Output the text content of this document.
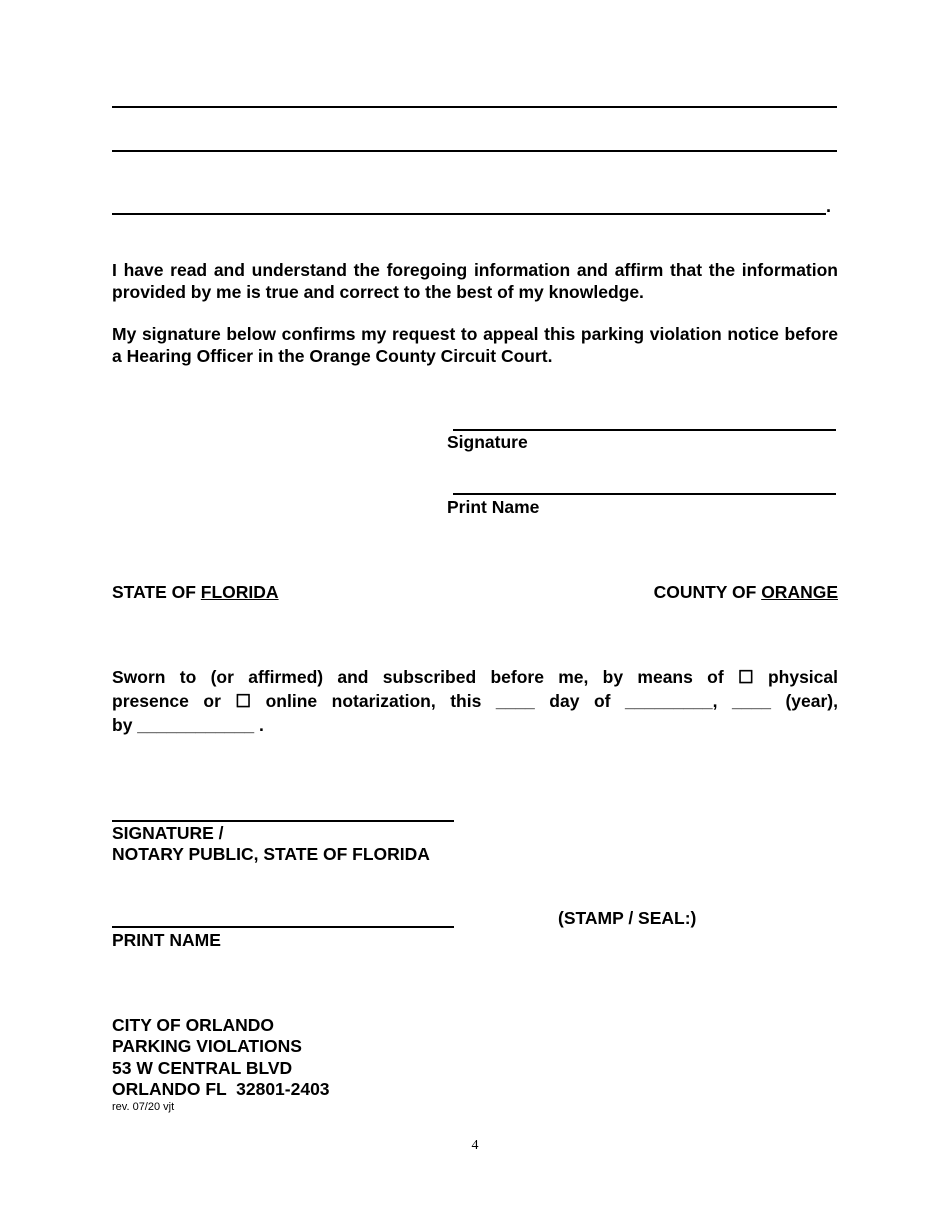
.
I have read and understand the foregoing information and affirm that the information provided by me is true and correct to the best of my knowledge.
My signature below confirms my request to appeal this parking violation notice before a Hearing Officer in the Orange County Circuit Court.
Signature
Print Name
STATE OF FLORIDA	COUNTY OF ORANGE
Sworn to (or affirmed) and subscribed before me, by means of ☐ physical
presence or ☐ online notarization, this ____ day of _________, ____ (year),
by ____________ .
SIGNATURE /
NOTARY PUBLIC, STATE OF FLORIDA
PRINT NAME
(STAMP / SEAL:)
CITY OF ORLANDO
PARKING VIOLATIONS
53 W CENTRAL BLVD
ORLANDO FL  32801-2403
rev. 07/20 vjt
4
